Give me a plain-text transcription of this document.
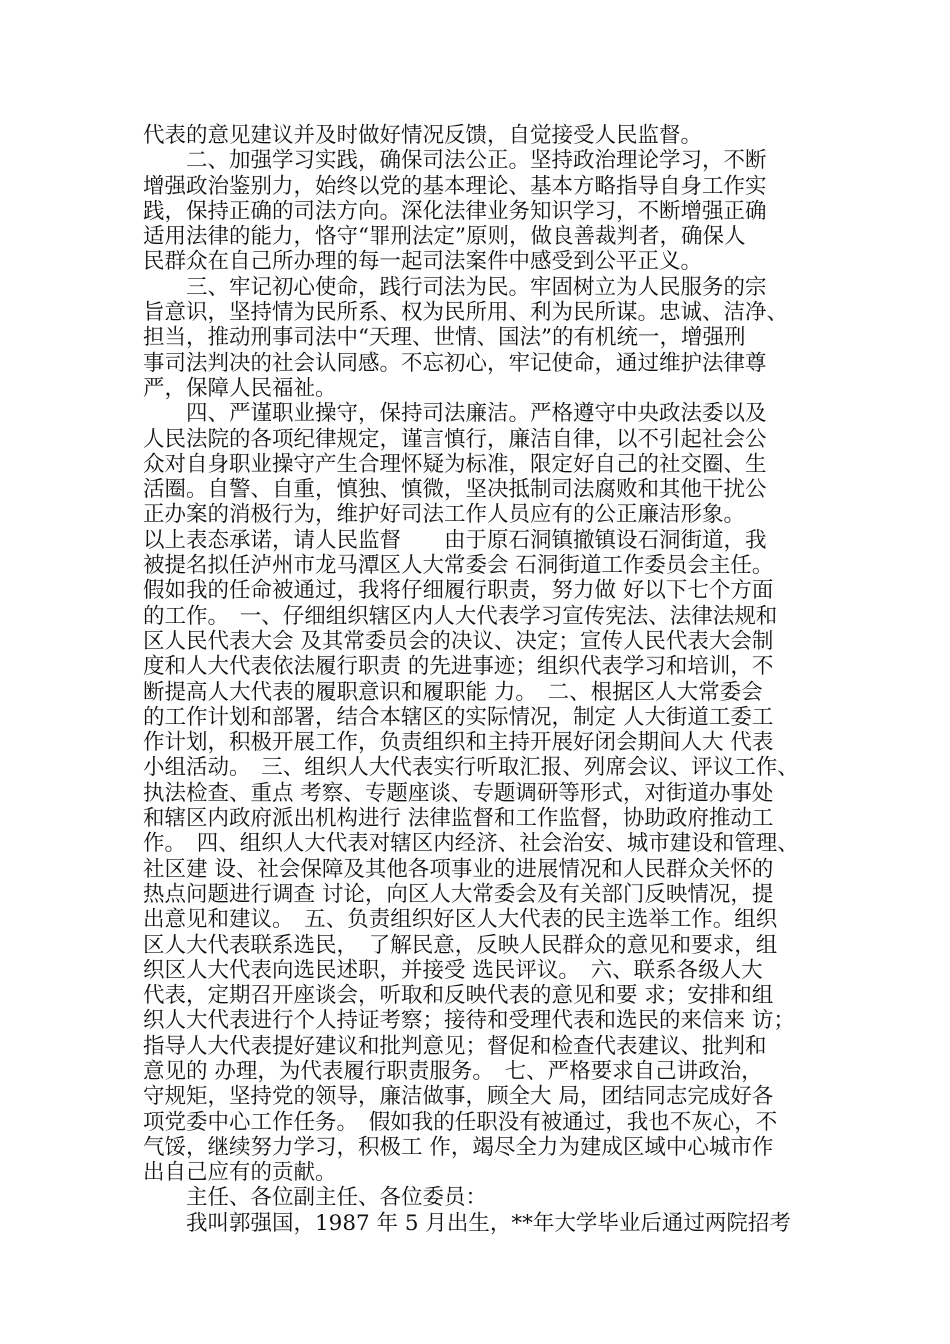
代表的意见建议并及时做好情况反馈，自觉接受人民监督。
　　二、加强学习实践，确保司法公正。坚持政治理论学习，不断
增强政治鉴别力，始终以党的基本理论、基本方略指导自身工作实
践，保持正确的司法方向。深化法律业务知识学习，不断增强正确
适用法律的能力，恪守“罪刑法定”原则，做良善裁判者，确保人
民群众在自己所办理的每一起司法案件中感受到公平正义。
　　三、牢记初心使命，践行司法为民。牢固树立为人民服务的宗
旨意识，坚持情为民所系、权为民所用、利为民所谋。忠诚、洁净、
担当，推动刑事司法中“天理、世情、国法”的有机统一，增强刑
事司法判决的社会认同感。不忘初心，牢记使命，通过维护法律尊
严，保障人民福祉。
　　四、严谨职业操守，保持司法廉洁。严格遵守中央政法委以及
人民法院的各项纪律规定，谨言慎行，廉洁自律，以不引起社会公
众对自身职业操守产生合理怀疑为标准，限定好自己的社交圈、生
活圈。自警、自重，慎独、慎微，坚决抵制司法腐败和其他干扰公
正办案的消极行为，维护好司法工作人员应有的公正廉洁形象。
以上表态承诺，请人民监督　　由于原石洞镇撤镇设石洞街道，我
被提名拟任泸州市龙马潭区人大常委会 石洞街道工作委员会主任。
假如我的任命被通过，我将仔细履行职责，努力做 好以下七个方面
的工作。　一、仔细组织辖区内人大代表学习宣传宪法、法律法规和
区人民代表大会 及其常委员会的决议、决定；宣传人民代表大会制
度和人大代表依法履行职责 的先进事迹；组织代表学习和培训，不
断提高人大代表的履职意识和履职能 力。　二、根据区人大常委会
的工作计划和部署，结合本辖区的实际情况，制定 人大街道工委工
作计划，积极开展工作，负责组织和主持开展好闭会期间人大 代表
小组活动。　三、组织人大代表实行听取汇报、列席会议、评议工作、
执法检查、重点 考察、专题座谈、专题调研等形式，对街道办事处
和辖区内政府派出机构进行 法律监督和工作监督，协助政府推动工
作。　四、组织人大代表对辖区内经济、社会治安、城市建设和管理、
社区建 设、社会保障及其他各项事业的进展情况和人民群众关怀的
热点问题进行调查 讨论，向区人大常委会及有关部门反映情况，提
出意见和建议。　五、负责组织好区人大代表的民主选举工作。组织
区人大代表联系选民，　了解民意，反映人民群众的意见和要求，组
织区人大代表向选民述职，并接受 选民评议。　六、联系各级人大
代表，定期召开座谈会，听取和反映代表的意见和要 求；安排和组
织人大代表进行个人持证考察；接待和受理代表和选民的来信来 访；
指导人大代表提好建议和批判意见；督促和检查代表建议、批判和
意见的 办理，为代表履行职责服务。　七、严格要求自己讲政治，
守规矩，坚持党的领导，廉洁做事，顾全大 局，团结同志完成好各
项党委中心工作任务。　假如我的任职没有被通过，我也不灰心，不
气馁，继续努力学习，积极工 作，竭尽全力为建成区域中心城市作
出自己应有的贡献。
　　主任、各位副主任、各位委员：
　　我叫郭强国，1987 年 5 月出生，**年大学毕业后通过两院招考
